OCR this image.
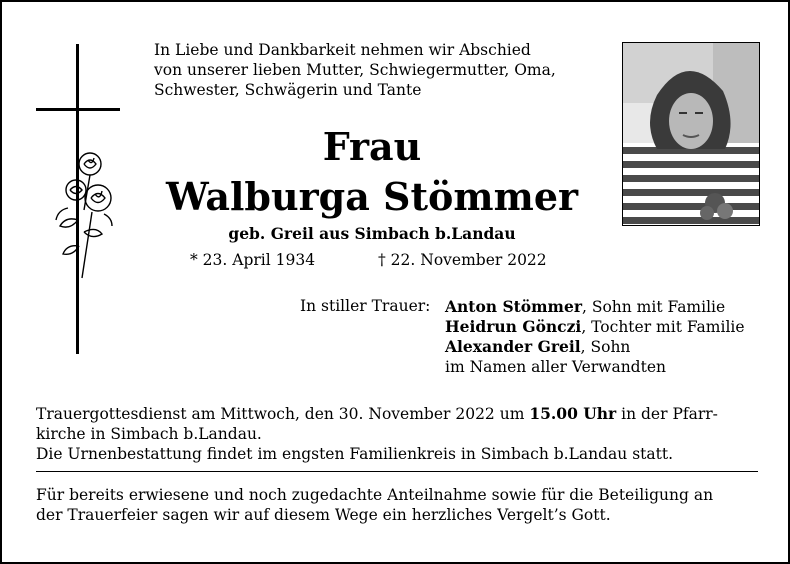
In Liebe und Dankbarkeit nehmen wir Abschied
von unserer lieben Mutter, Schwiegermutter, Oma,
Schwester, Schwägerin und Tante
Frau
Walburga Stömmer
geb. Greil aus Simbach b.Landau
* 23. April 1934	† 22. November 2022
In stiller Trauer: Anton Stömmer, Sohn mit Familie
Heidrun Gönczi, Tochter mit Familie
Alexander Greil, Sohn
im Namen aller Verwandten
Trauergottesdienst am Mittwoch, den 30. November 2022 um 15.00 Uhr in der Pfarr-
kirche in Simbach b.Landau.
Die Urnenbestattung findet im engsten Familienkreis in Simbach b.Landau statt.
Für bereits erwiesene und noch zugedachte Anteilnahme sowie für die Beteiligung an
der Trauerfeier sagen wir auf diesem Wege ein herzliches Vergelt’s Gott.
